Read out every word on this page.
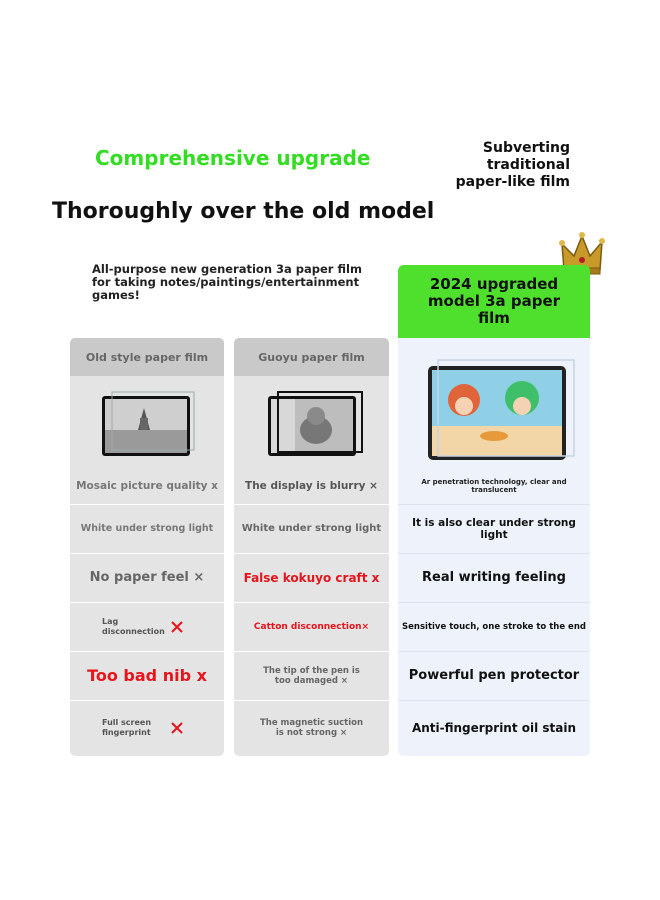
Comprehensive upgrade	Subverting traditional
paper-like film
Thoroughly over the old model
All-purpose new generation 3a paper film for taking notes/paintings/entertainment games!
2024 upgraded model 3a paper film
Old style paper film
Mosaic picture quality x
White under strong light
No paper feel ×
Lag disconnection
Too bad nib x
Full screen fingerprint
Guoyu paper film
The display is blurry ×
White under strong light
False kokuyo craft x
Catton disconnection×
The tip of the pen is too damaged ×
The magnetic suction is not strong ×
Ar penetration technology, clear and translucent
It is also clear under strong light
Real writing feeling
Sensitive touch, one stroke to the end
Powerful pen protector
Anti-fingerprint oil stain
